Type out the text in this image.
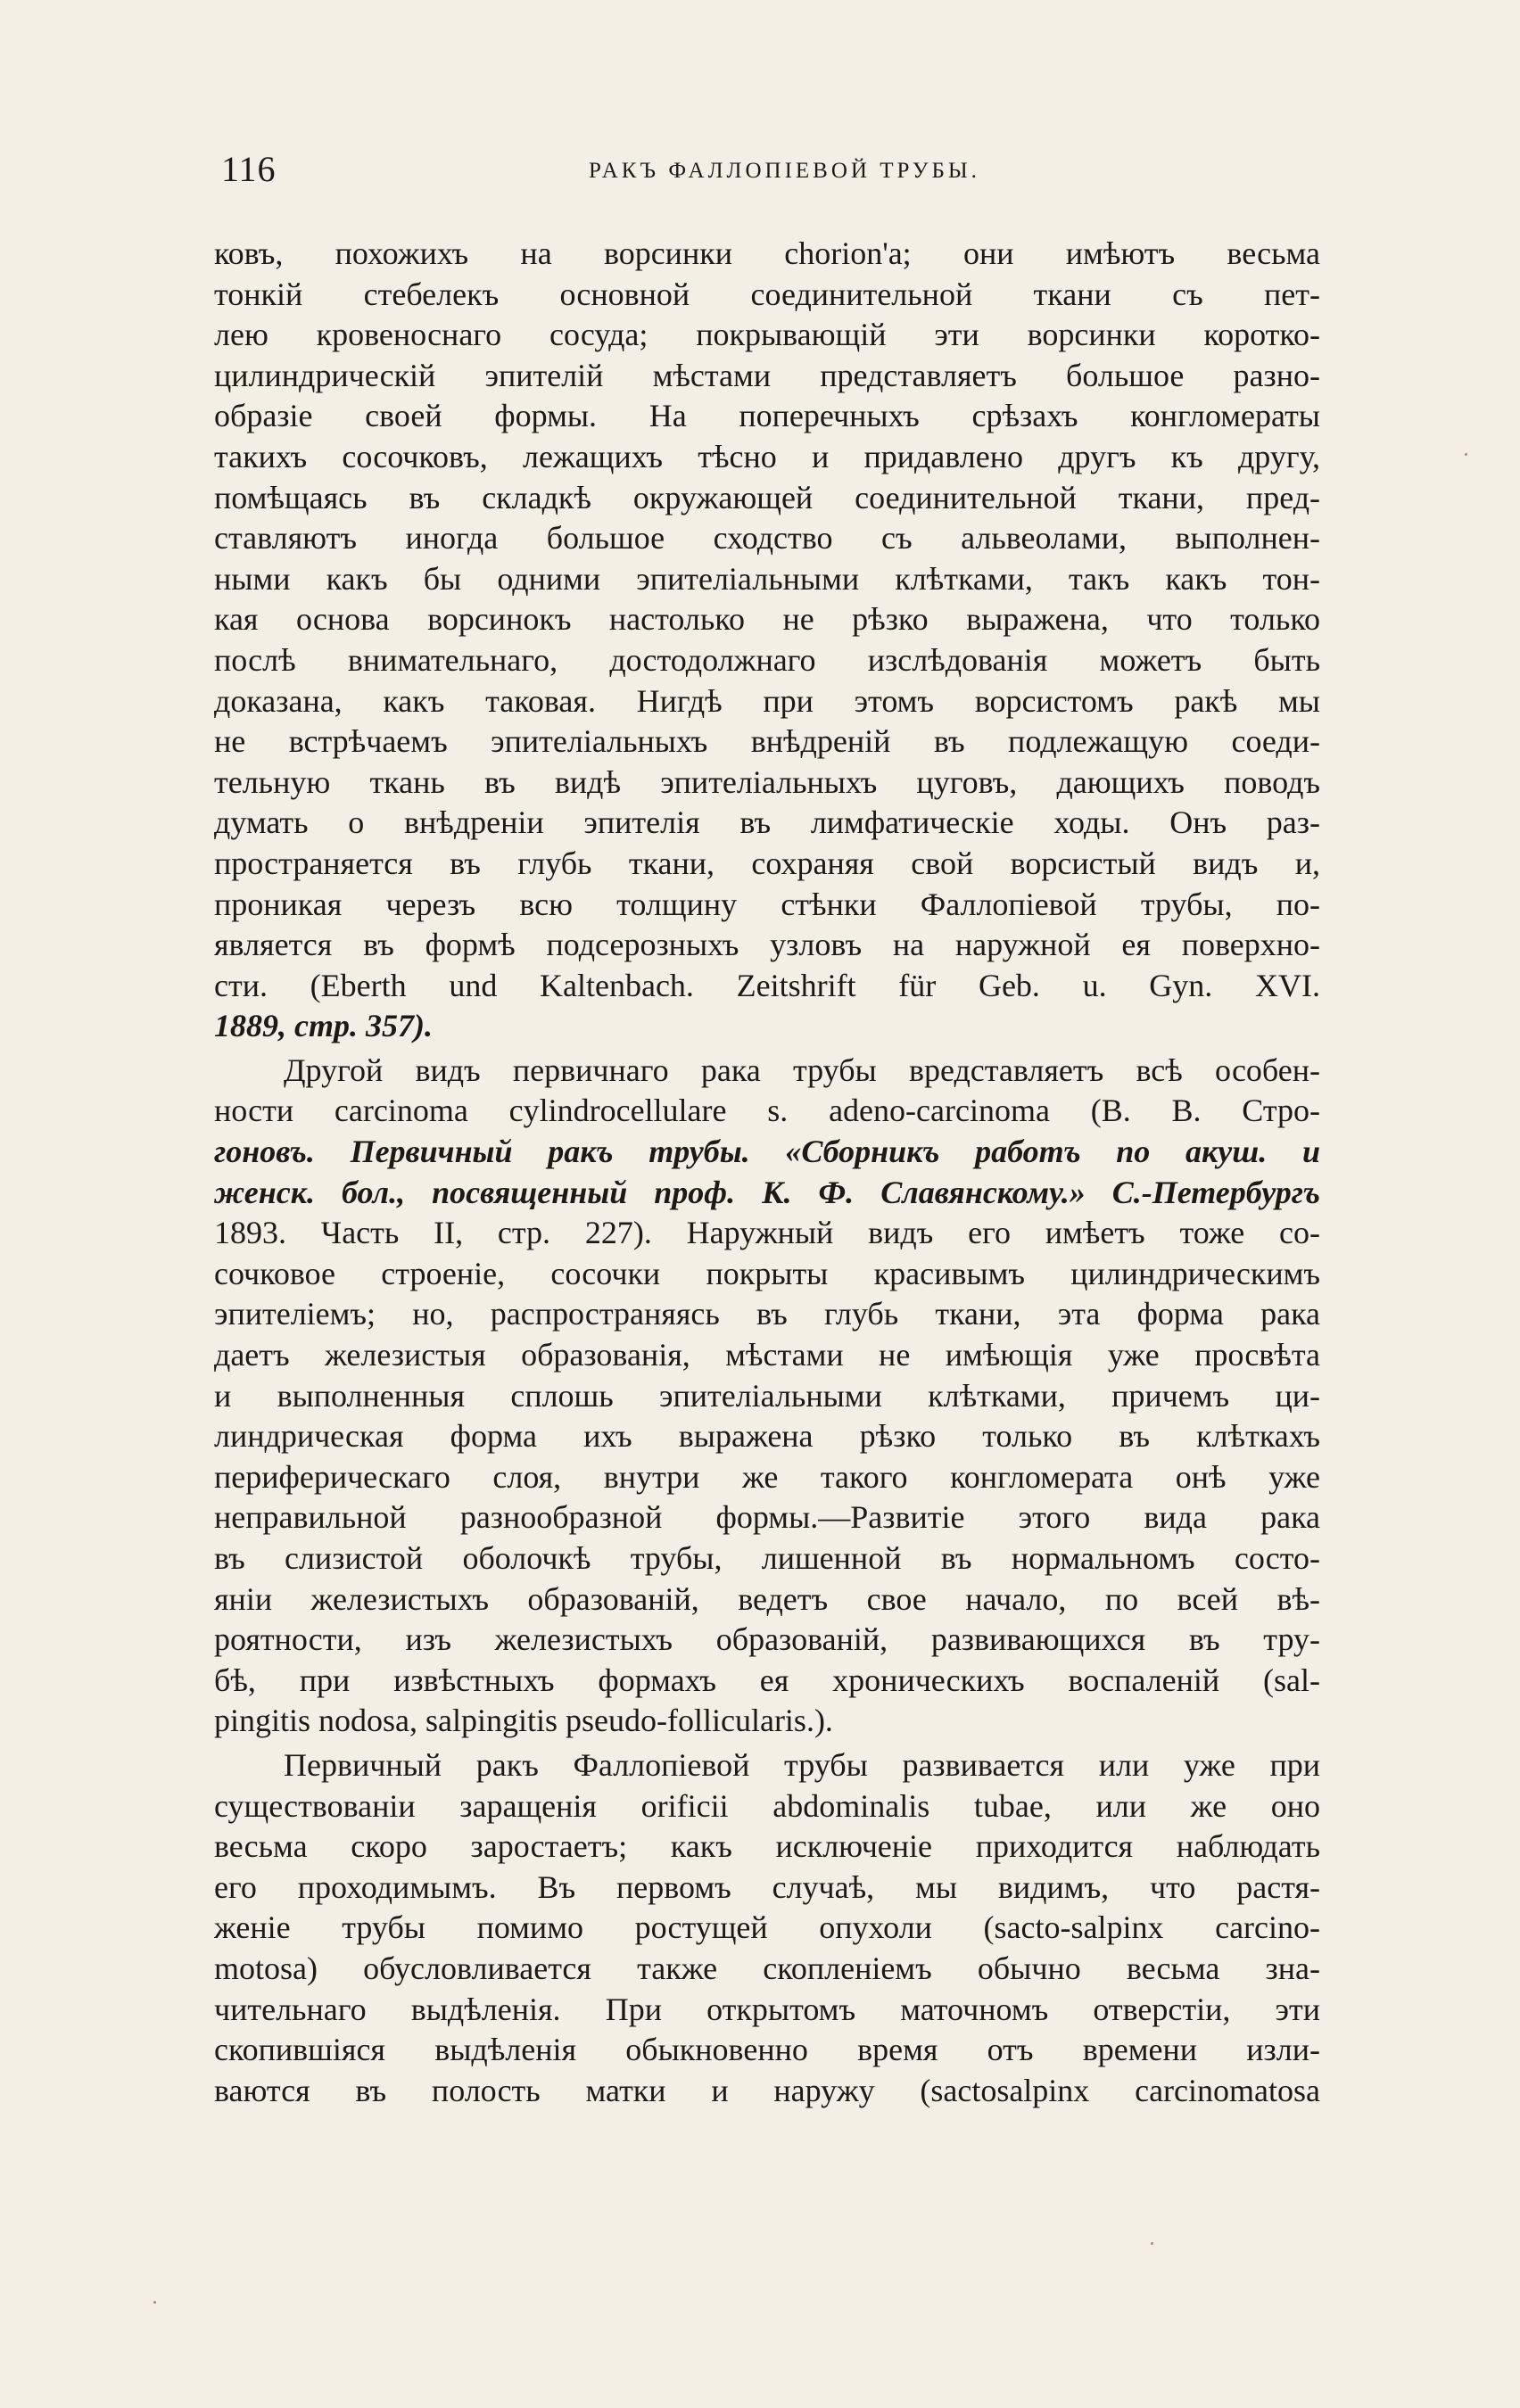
116	РАКЪ ФАЛЛОПІЕВОЙ ТРУБЫ.
ковъ, похожихъ на ворсинки chorion'а; они имѣютъ весьма
тонкій стебелекъ основной соединительной ткани съ пет-
лею кровеноснаго сосуда; покрывающій эти ворсинки коротко-
цилиндрическій эпителій мѣстами представляетъ большое разно-
образіе своей формы. На поперечныхъ срѣзахъ конгломераты
такихъ сосочковъ, лежащихъ тѣсно и придавлено другъ къ другу,
помѣщаясь въ складкѣ окружающей соединительной ткани, пред-
ставляютъ иногда большое сходство съ альвеолами, выполнен-
ными какъ бы одними эпителіальными клѣтками, такъ какъ тон-
кая основа ворсинокъ настолько не рѣзко выражена, что только
послѣ внимательнаго, достодолжнаго изслѣдованія можетъ быть
доказана, какъ таковая. Нигдѣ при этомъ ворсистомъ ракѣ мы
не встрѣчаемъ эпителіальныхъ внѣдреній въ подлежащую соеди-
тельную ткань въ видѣ эпителіальныхъ цуговъ, дающихъ поводъ
думать о внѣдреніи эпителія въ лимфатическіе ходы. Онъ раз-
пространяется въ глубь ткани, сохраняя свой ворсистый видъ и,
проникая черезъ всю толщину стѣнки Фаллопіевой трубы, по-
является въ формѣ подсерозныхъ узловъ на наружной ея поверхно-
сти. (Eberth und Kaltenbach. Zeitshrift für Geb. u. Gyn. XVI.
1889, стр. 357).
Другой видъ первичнаго рака трубы вредставляетъ всѣ особен-
ности carcinoma cylindrocellulare s. adeno-carcinoma (В. В. Стро-
гоновъ. Первичный ракъ трубы. «Сборникъ работъ по акуш. и
женск. бол., посвященный проф. К. Ф. Славянскому.» С.-Петербургъ
1893. Часть II, стр. 227). Наружный видъ его имѣетъ тоже со-
сочковое строеніе, сосочки покрыты красивымъ цилиндрическимъ
эпителіемъ; но, распространяясь въ глубь ткани, эта форма рака
даетъ железистыя образованія, мѣстами не имѣющія уже просвѣта
и выполненныя сплошь эпителіальными клѣтками, причемъ ци-
линдрическая форма ихъ выражена рѣзко только въ клѣткахъ
периферическаго слоя, внутри же такого конгломерата онѣ уже
неправильной разнообразной формы.—Развитіе этого вида рака
въ слизистой оболочкѣ трубы, лишенной въ нормальномъ состо-
яніи железистыхъ образованій, ведетъ свое начало, по всей вѣ-
роятности, изъ железистыхъ образованій, развивающихся въ тру-
бѣ, при извѣстныхъ формахъ ея хроническихъ воспаленій (sal-
pingitis nodosa, salpingitis pseudo-follicularis.).
Первичный ракъ Фаллопіевой трубы развивается или уже при
существованіи заращенія orificii abdominalis tubae, или же оно
весьма скоро заростаетъ; какъ исключеніе приходится наблюдать
его проходимымъ. Въ первомъ случаѣ, мы видимъ, что растя-
женіе трубы помимо ростущей опухоли (sacto-salpinx carcino-
motosa) обусловливается также скопленіемъ обычно весьма зна-
чительнаго выдѣленія. При открытомъ маточномъ отверстіи, эти
скопившіяся выдѣленія обыкновенно время отъ времени изли-
ваются въ полость матки и наружу (sactosalpinx carcinomatosa
